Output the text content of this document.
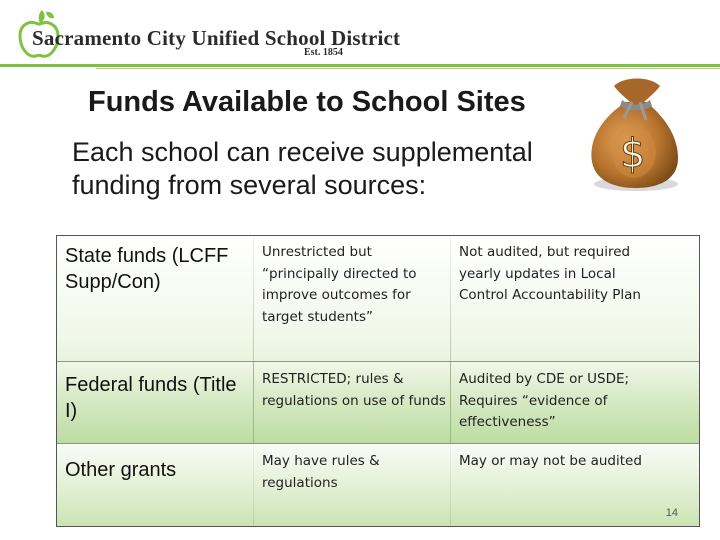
Sacramento City Unified School District
Est. 1854
Funds Available to School Sites
$
Each school can receive supplemental funding from several sources:
State funds (LCFF Supp/Con)
Unrestricted but “principally directed to improve outcomes for target students”
Not audited, but required yearly updates in Local Control Accountability Plan
Federal funds (Title I)
RESTRICTED; rules & regulations on use of funds
Audited by CDE or USDE; Requires “evidence of effectiveness”
Other grants	May have rules & regulations
May or may not be audited
14
